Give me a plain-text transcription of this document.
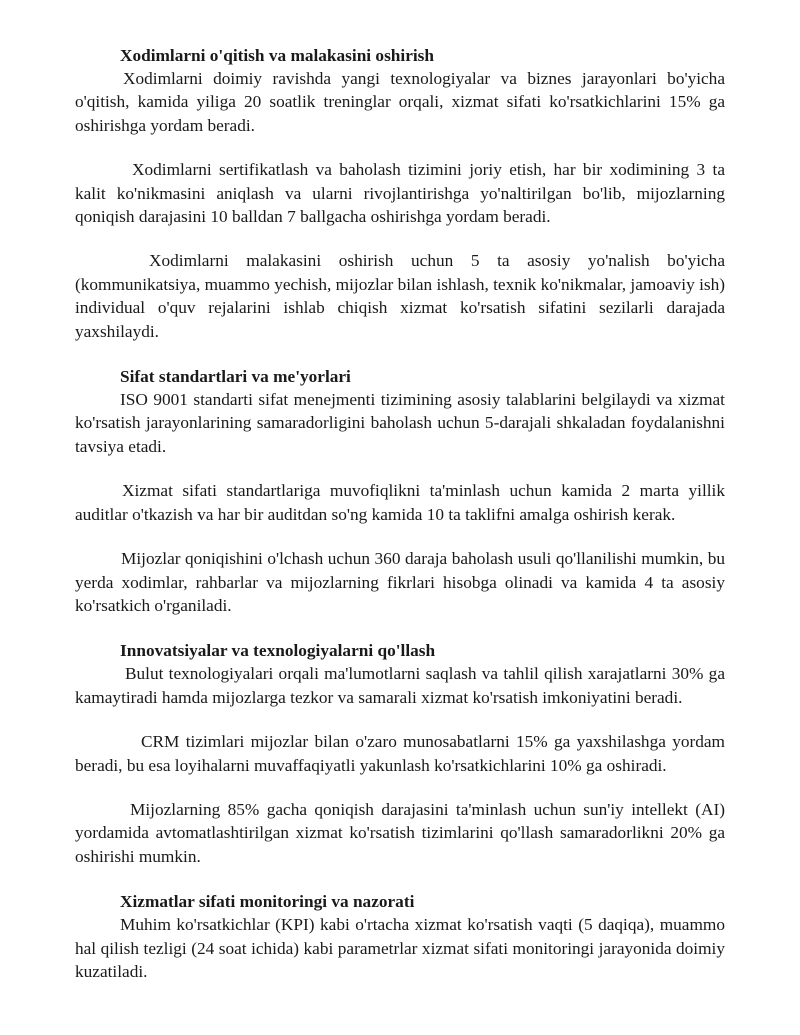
Xodimlarni o'qitish va malakasini oshirish

Xodimlarni doimiy ravishda yangi texnologiyalar va biznes jarayonlari bo'yicha o'qitish, kamida yiliga 20 soatlik treninglar orqali, xizmat sifati ko'rsatkichlarini 15% ga oshirishga yordam beradi.

Xodimlarni sertifikatlash va baholash tizimini joriy etish, har bir xodimining 3 ta kalit ko'nikmasini aniqlash va ularni rivojlantirishga yo'naltirilgan bo'lib, mijozlarning qoniqish darajasini 10 balldan 7 ballgacha oshirishga yordam beradi.

Xodimlarni malakasini oshirish uchun 5 ta asosiy yo'nalish bo'yicha (kommunikatsiya, muammo yechish, mijozlar bilan ishlash, texnik ko'nikmalar, jamoaviy ish) individual o'quv rejalarini ishlab chiqish xizmat ko'rsatish sifatini sezilarli darajada yaxshilaydi.

Sifat standartlari va me'yorlari

ISO 9001 standarti sifat menejmenti tizimining asosiy talablarini belgilaydi va xizmat ko'rsatish jarayonlarining samaradorligini baholash uchun 5-darajali shkaladan foydalanishni tavsiya etadi.

Xizmat sifati standartlariga muvofiqlikni ta'minlash uchun kamida 2 marta yillik auditlar o'tkazish va har bir auditdan so'ng kamida 10 ta taklifni amalga oshirish kerak.

Mijozlar qoniqishini o'lchash uchun 360 daraja baholash usuli qo'llanilishi mumkin, bu yerda xodimlar, rahbarlar va mijozlarning fikrlari hisobga olinadi va kamida 4 ta asosiy ko'rsatkich o'rganiladi.

Innovatsiyalar va texnologiyalarni qo'llash

Bulut texnologiyalari orqali ma'lumotlarni saqlash va tahlil qilish xarajatlarni 30% ga kamaytiradi hamda mijozlarga tezkor va samarali xizmat ko'rsatish imkoniyatini beradi.

CRM tizimlari mijozlar bilan o'zaro munosabatlarni 15% ga yaxshilashga yordam beradi, bu esa loyihalarni muvaffaqiyatli yakunlash ko'rsatkichlarini 10% ga oshiradi.

Mijozlarning 85% gacha qoniqish darajasini ta'minlash uchun sun'iy intellekt (AI) yordamida avtomatlashtirilgan xizmat ko'rsatish tizimlarini qo'llash samaradorlikni 20% ga oshirishi mumkin.

Xizmatlar sifati monitoringi va nazorati

Muhim ko'rsatkichlar (KPI) kabi o'rtacha xizmat ko'rsatish vaqti (5 daqiqa), muammo hal qilish tezligi (24 soat ichida) kabi parametrlar xizmat sifati monitoringi jarayonida doimiy kuzatiladi.
